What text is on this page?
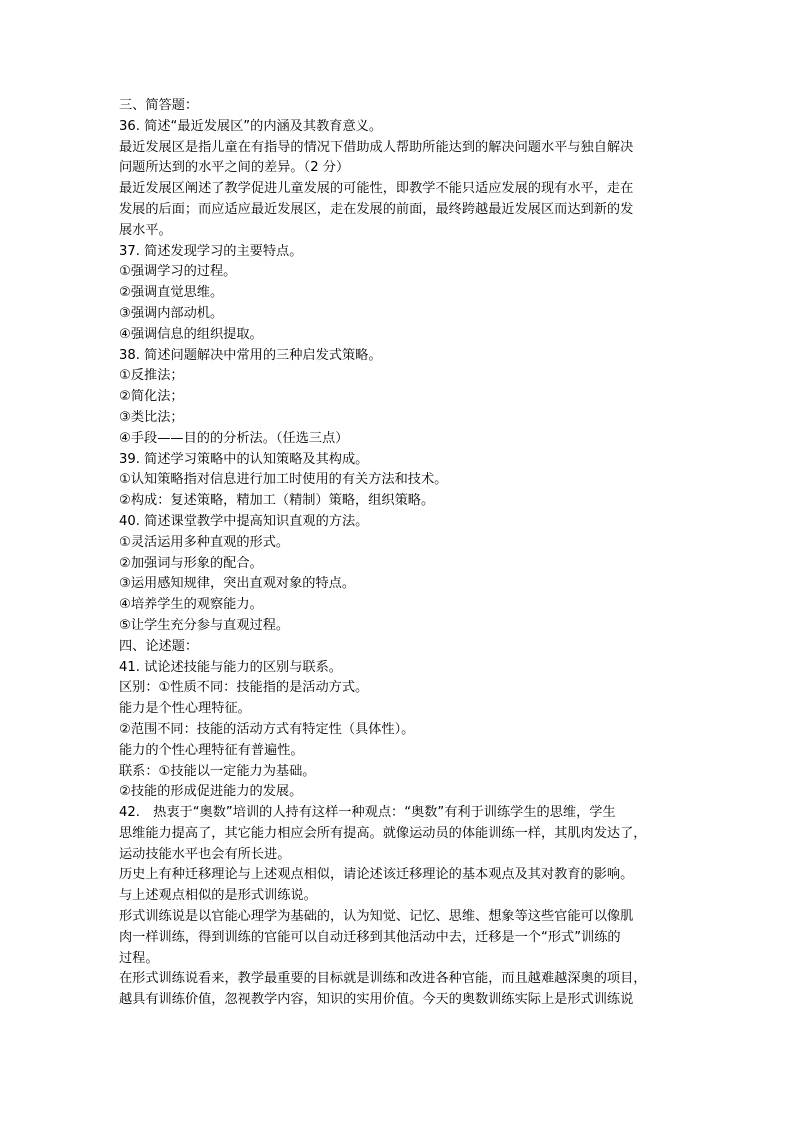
三、简答题：
36. 简述“最近发展区”的内涵及其教育意义。
最近发展区是指儿童在有指导的情况下借助成人帮助所能达到的解决问题水平与独自解决
问题所达到的水平之间的差异。（2 分）
最近发展区阐述了教学促进儿童发展的可能性，即教学不能只适应发展的现有水平，走在
发展的后面；而应适应最近发展区，走在发展的前面，最终跨越最近发展区而达到新的发
展水平。
37. 简述发现学习的主要特点。
①强调学习的过程。
②强调直觉思维。
③强调内部动机。
④强调信息的组织提取。
38. 简述问题解决中常用的三种启发式策略。
①反推法；
②简化法；
③类比法；
④手段——目的的分析法。（任选三点）
39. 简述学习策略中的认知策略及其构成。
①认知策略指对信息进行加工时使用的有关方法和技术。
②构成：复述策略，精加工（精制）策略，组织策略。
40. 简述课堂教学中提高知识直观的方法。
①灵活运用多种直观的形式。
②加强词与形象的配合。
③运用感知规律，突出直观对象的特点。
④培养学生的观察能力。
⑤让学生充分参与直观过程。
四、论述题：
41. 试论述技能与能力的区别与联系。
区别：①性质不同：技能指的是活动方式。
能力是个性心理特征。
②范围不同：技能的活动方式有特定性（具体性）。
能力的个性心理特征有普遍性。
联系：①技能以一定能力为基础。
②技能的形成促进能力的发展。
42.　热衷于“奥数”培训的人持有这样一种观点：“奥数”有利于训练学生的思维，学生
思维能力提高了，其它能力相应会所有提高。就像运动员的体能训练一样，其肌肉发达了，
运动技能水平也会有所长进。
历史上有种迁移理论与上述观点相似，请论述该迁移理论的基本观点及其对教育的影响。
与上述观点相似的是形式训练说。
形式训练说是以官能心理学为基础的，认为知觉、记忆、思维、想象等这些官能可以像肌
肉一样训练，得到训练的官能可以自动迁移到其他活动中去，迁移是一个“形式”训练的
过程。
在形式训练说看来，教学最重要的目标就是训练和改进各种官能，而且越难越深奥的项目，
越具有训练价值，忽视教学内容，知识的实用价值。今天的奥数训练实际上是形式训练说
